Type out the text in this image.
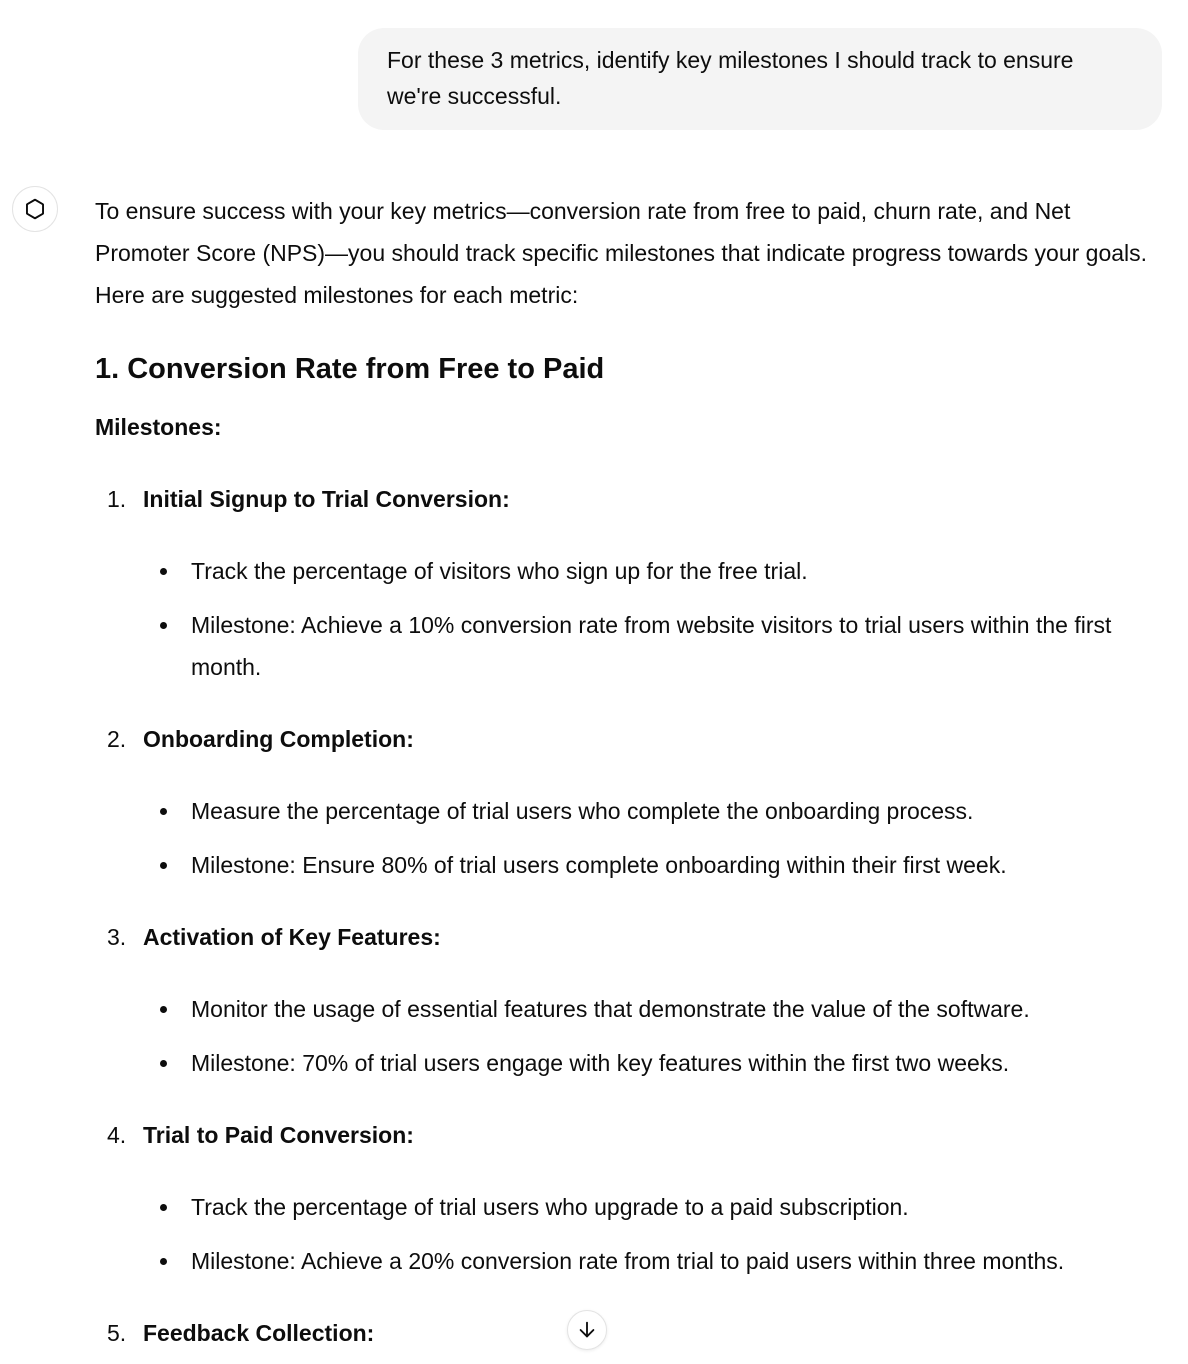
For these 3 metrics, identify key milestones I should track to ensure we're successful.

To ensure success with your key metrics—conversion rate from free to paid, churn rate, and Net Promoter Score (NPS)—you should track specific milestones that indicate progress towards your goals. Here are suggested milestones for each metric:

1. Conversion Rate from Free to Paid

Milestones:

1. Initial Signup to Trial Conversion:
Track the percentage of visitors who sign up for the free trial.
Milestone: Achieve a 10% conversion rate from website visitors to trial users within the first month.
2. Onboarding Completion:
Measure the percentage of trial users who complete the onboarding process.
Milestone: Ensure 80% of trial users complete onboarding within their first week.
3. Activation of Key Features:
Monitor the usage of essential features that demonstrate the value of the software.
Milestone: 70% of trial users engage with key features within the first two weeks.
4. Trial to Paid Conversion:
Track the percentage of trial users who upgrade to a paid subscription.
Milestone: Achieve a 20% conversion rate from trial to paid users within three months.
5. Feedback Collection:
